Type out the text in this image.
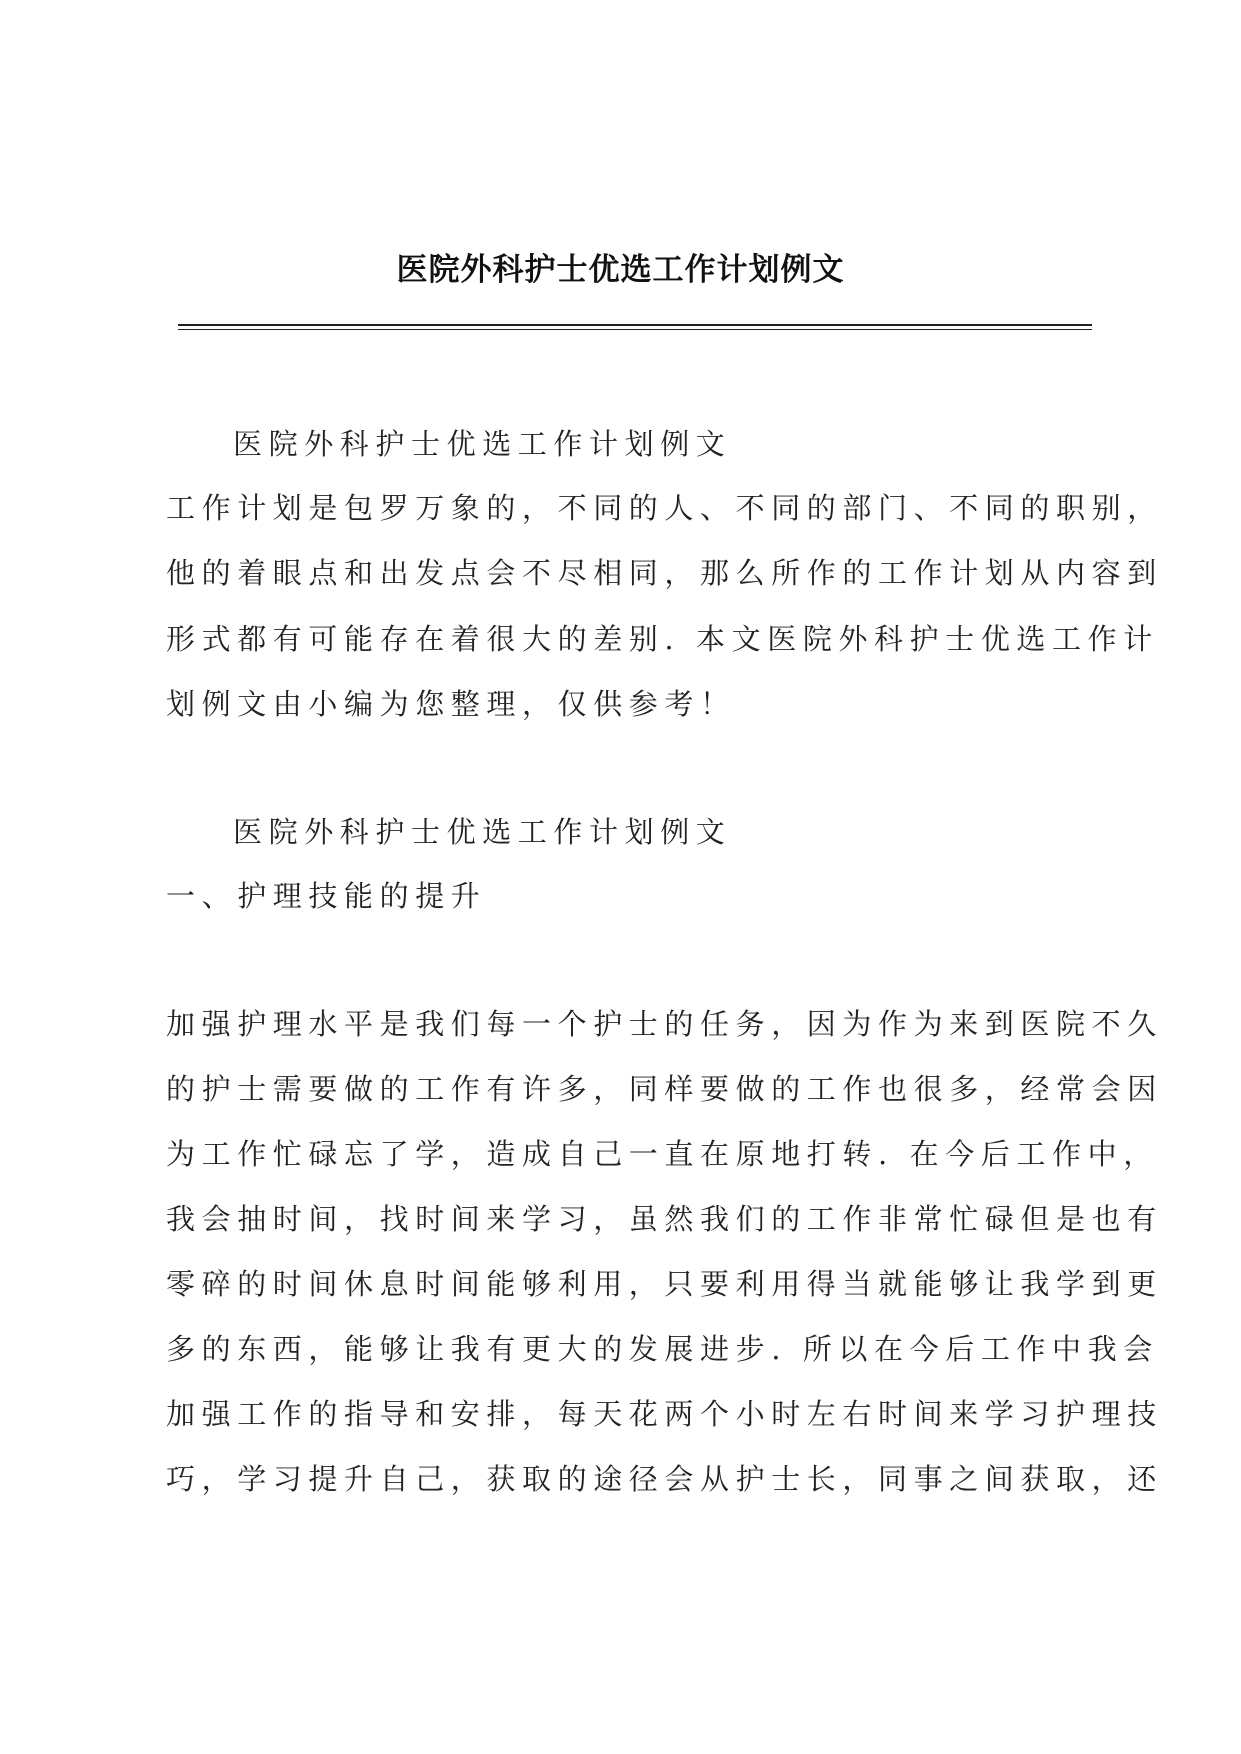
医院外科护士优选工作计划例文
医院外科护士优选工作计划例文
工作计划是包罗万象的，不同的人、不同的部门、不同的职别，
他的着眼点和出发点会不尽相同，那么所作的工作计划从内容到
形式都有可能存在着很大的差别. 本文医院外科护士优选工作计
划例文由小编为您整理，仅供参考！
医院外科护士优选工作计划例文
一、护理技能的提升
加强护理水平是我们每一个护士的任务，因为作为来到医院不久
的护士需要做的工作有许多，同样要做的工作也很多，经常会因
为工作忙碌忘了学，造成自己一直在原地打转. 在今后工作中，
我会抽时间，找时间来学习，虽然我们的工作非常忙碌但是也有
零碎的时间休息时间能够利用，只要利用得当就能够让我学到更
多的东西，能够让我有更大的发展进步. 所以在今后工作中我会
加强工作的指导和安排，每天花两个小时左右时间来学习护理技
巧，学习提升自己，获取的途径会从护士长，同事之间获取，还
